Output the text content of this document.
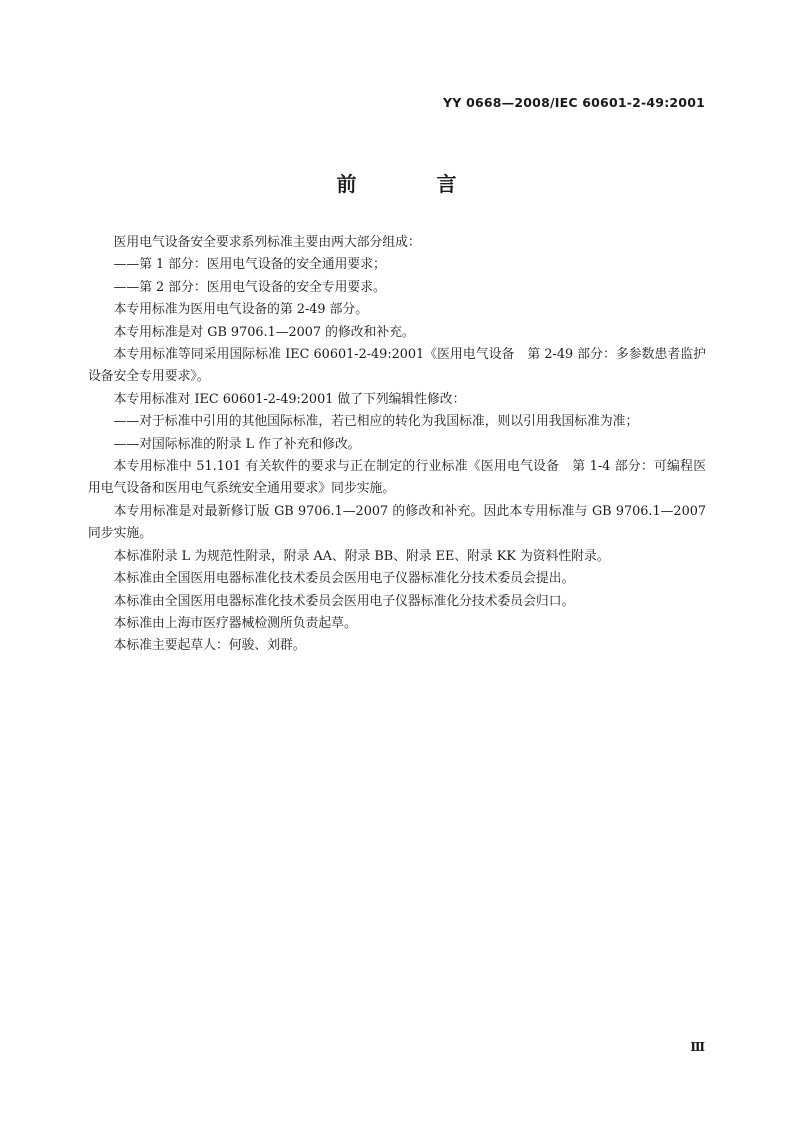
YY 0668—2008/IEC 60601-2-49:2001
前　言

医用电气设备安全要求系列标准主要由两大部分组成：

——第 1 部分：医用电气设备的安全通用要求；

——第 2 部分：医用电气设备的安全专用要求。

本专用标准为医用电气设备的第 2-49 部分。

本专用标准是对 GB 9706.1—2007 的修改和补充。

本专用标准等同采用国际标准 IEC 60601-2-49:2001《医用电气设备　第 2-49 部分：多参数患者监护设备安全专用要求》。

本专用标准对 IEC 60601-2-49:2001 做了下列编辑性修改：

——对于标准中引用的其他国际标准，若已相应的转化为我国标准，则以引用我国标准为准；

——对国际标准的附录 L 作了补充和修改。

本专用标准中 51.101 有关软件的要求与正在制定的行业标准《医用电气设备　第 1-4 部分：可编程医用电气设备和医用电气系统安全通用要求》同步实施。

本专用标准是对最新修订版 GB 9706.1—2007 的修改和补充。因此本专用标准与 GB 9706.1—2007 同步实施。

本标准附录 L 为规范性附录，附录 AA、附录 BB、附录 EE、附录 KK 为资料性附录。

本标准由全国医用电器标准化技术委员会医用电子仪器标准化分技术委员会提出。

本标准由全国医用电器标准化技术委员会医用电子仪器标准化分技术委员会归口。

本标准由上海市医疗器械检测所负责起草。

本标准主要起草人：何骏、刘群。

Ⅲ
